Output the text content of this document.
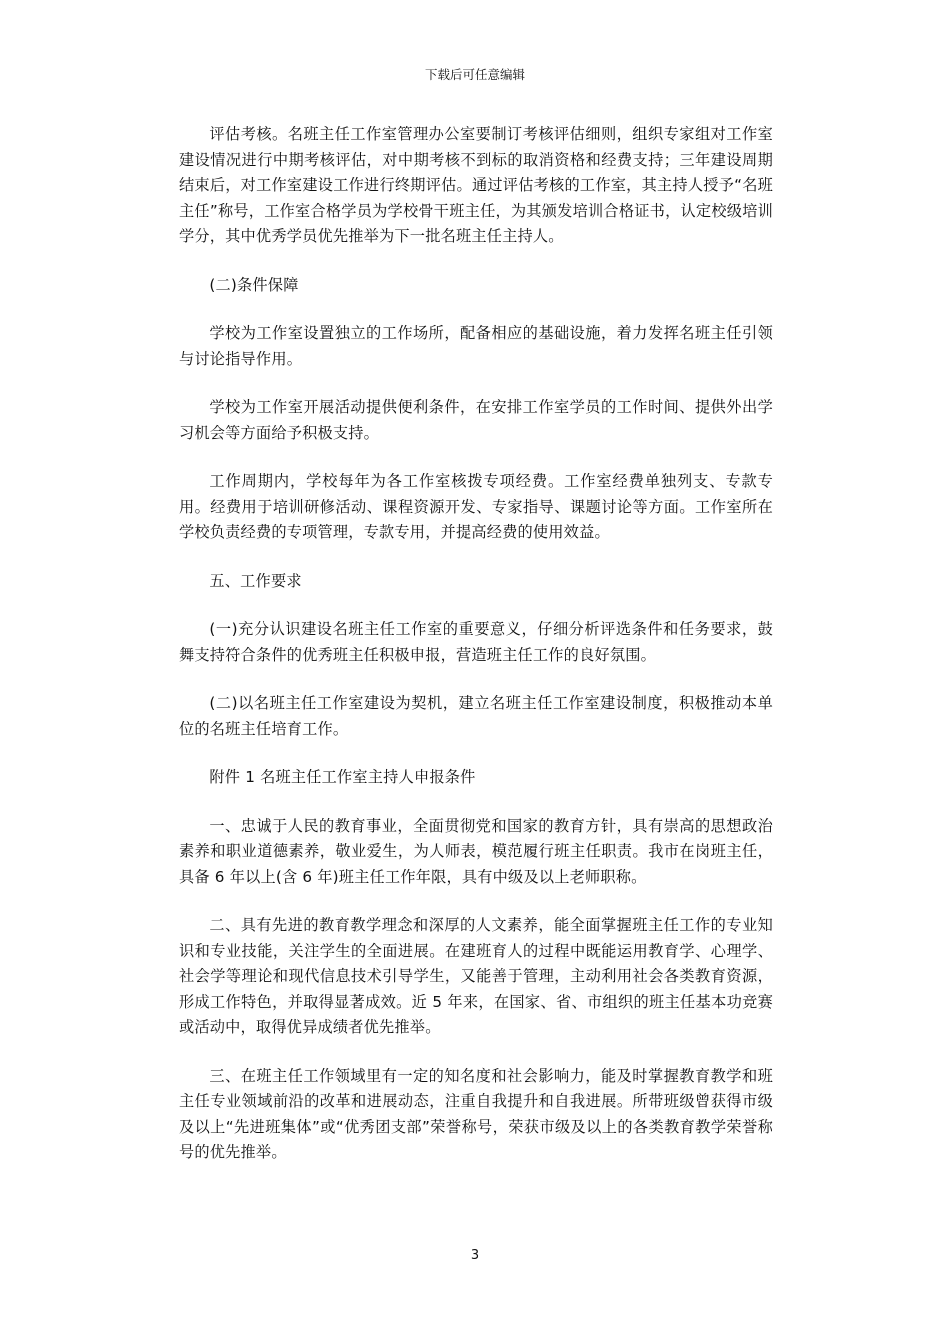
下载后可任意编辑

评估考核。名班主任工作室管理办公室要制订考核评估细则，组织专家组对工作室建设情况进行中期考核评估，对中期考核不到标的取消资格和经费支持；三年建设周期结束后，对工作室建设工作进行终期评估。通过评估考核的工作室，其主持人授予“名班主任”称号，工作室合格学员为学校骨干班主任，为其颁发培训合格证书，认定校级培训学分，其中优秀学员优先推举为下一批名班主任主持人。

(二)条件保障

学校为工作室设置独立的工作场所，配备相应的基础设施，着力发挥名班主任引领与讨论指导作用。

学校为工作室开展活动提供便利条件，在安排工作室学员的工作时间、提供外出学习机会等方面给予积极支持。

工作周期内，学校每年为各工作室核拨专项经费。工作室经费单独列支、专款专用。经费用于培训研修活动、课程资源开发、专家指导、课题讨论等方面。工作室所在学校负责经费的专项管理，专款专用，并提高经费的使用效益。

五、工作要求

(一)充分认识建设名班主任工作室的重要意义，仔细分析评选条件和任务要求，鼓舞支持符合条件的优秀班主任积极申报，营造班主任工作的良好氛围。

(二)以名班主任工作室建设为契机，建立名班主任工作室建设制度，积极推动本单位的名班主任培育工作。

附件 1 名班主任工作室主持人申报条件

一、忠诚于人民的教育事业，全面贯彻党和国家的教育方针，具有崇高的思想政治素养和职业道德素养，敬业爱生，为人师表，模范履行班主任职责。我市在岗班主任，具备 6 年以上(含 6 年)班主任工作年限，具有中级及以上老师职称。

二、具有先进的教育教学理念和深厚的人文素养，能全面掌握班主任工作的专业知识和专业技能，关注学生的全面进展。在建班育人的过程中既能运用教育学、心理学、社会学等理论和现代信息技术引导学生，又能善于管理，主动利用社会各类教育资源，形成工作特色，并取得显著成效。近 5 年来，在国家、省、市组织的班主任基本功竞赛或活动中，取得优异成绩者优先推举。

三、在班主任工作领域里有一定的知名度和社会影响力，能及时掌握教育教学和班主任专业领域前沿的改革和进展动态，注重自我提升和自我进展。所带班级曾获得市级及以上“先进班集体”或“优秀团支部”荣誉称号，荣获市级及以上的各类教育教学荣誉称号的优先推举。

3
